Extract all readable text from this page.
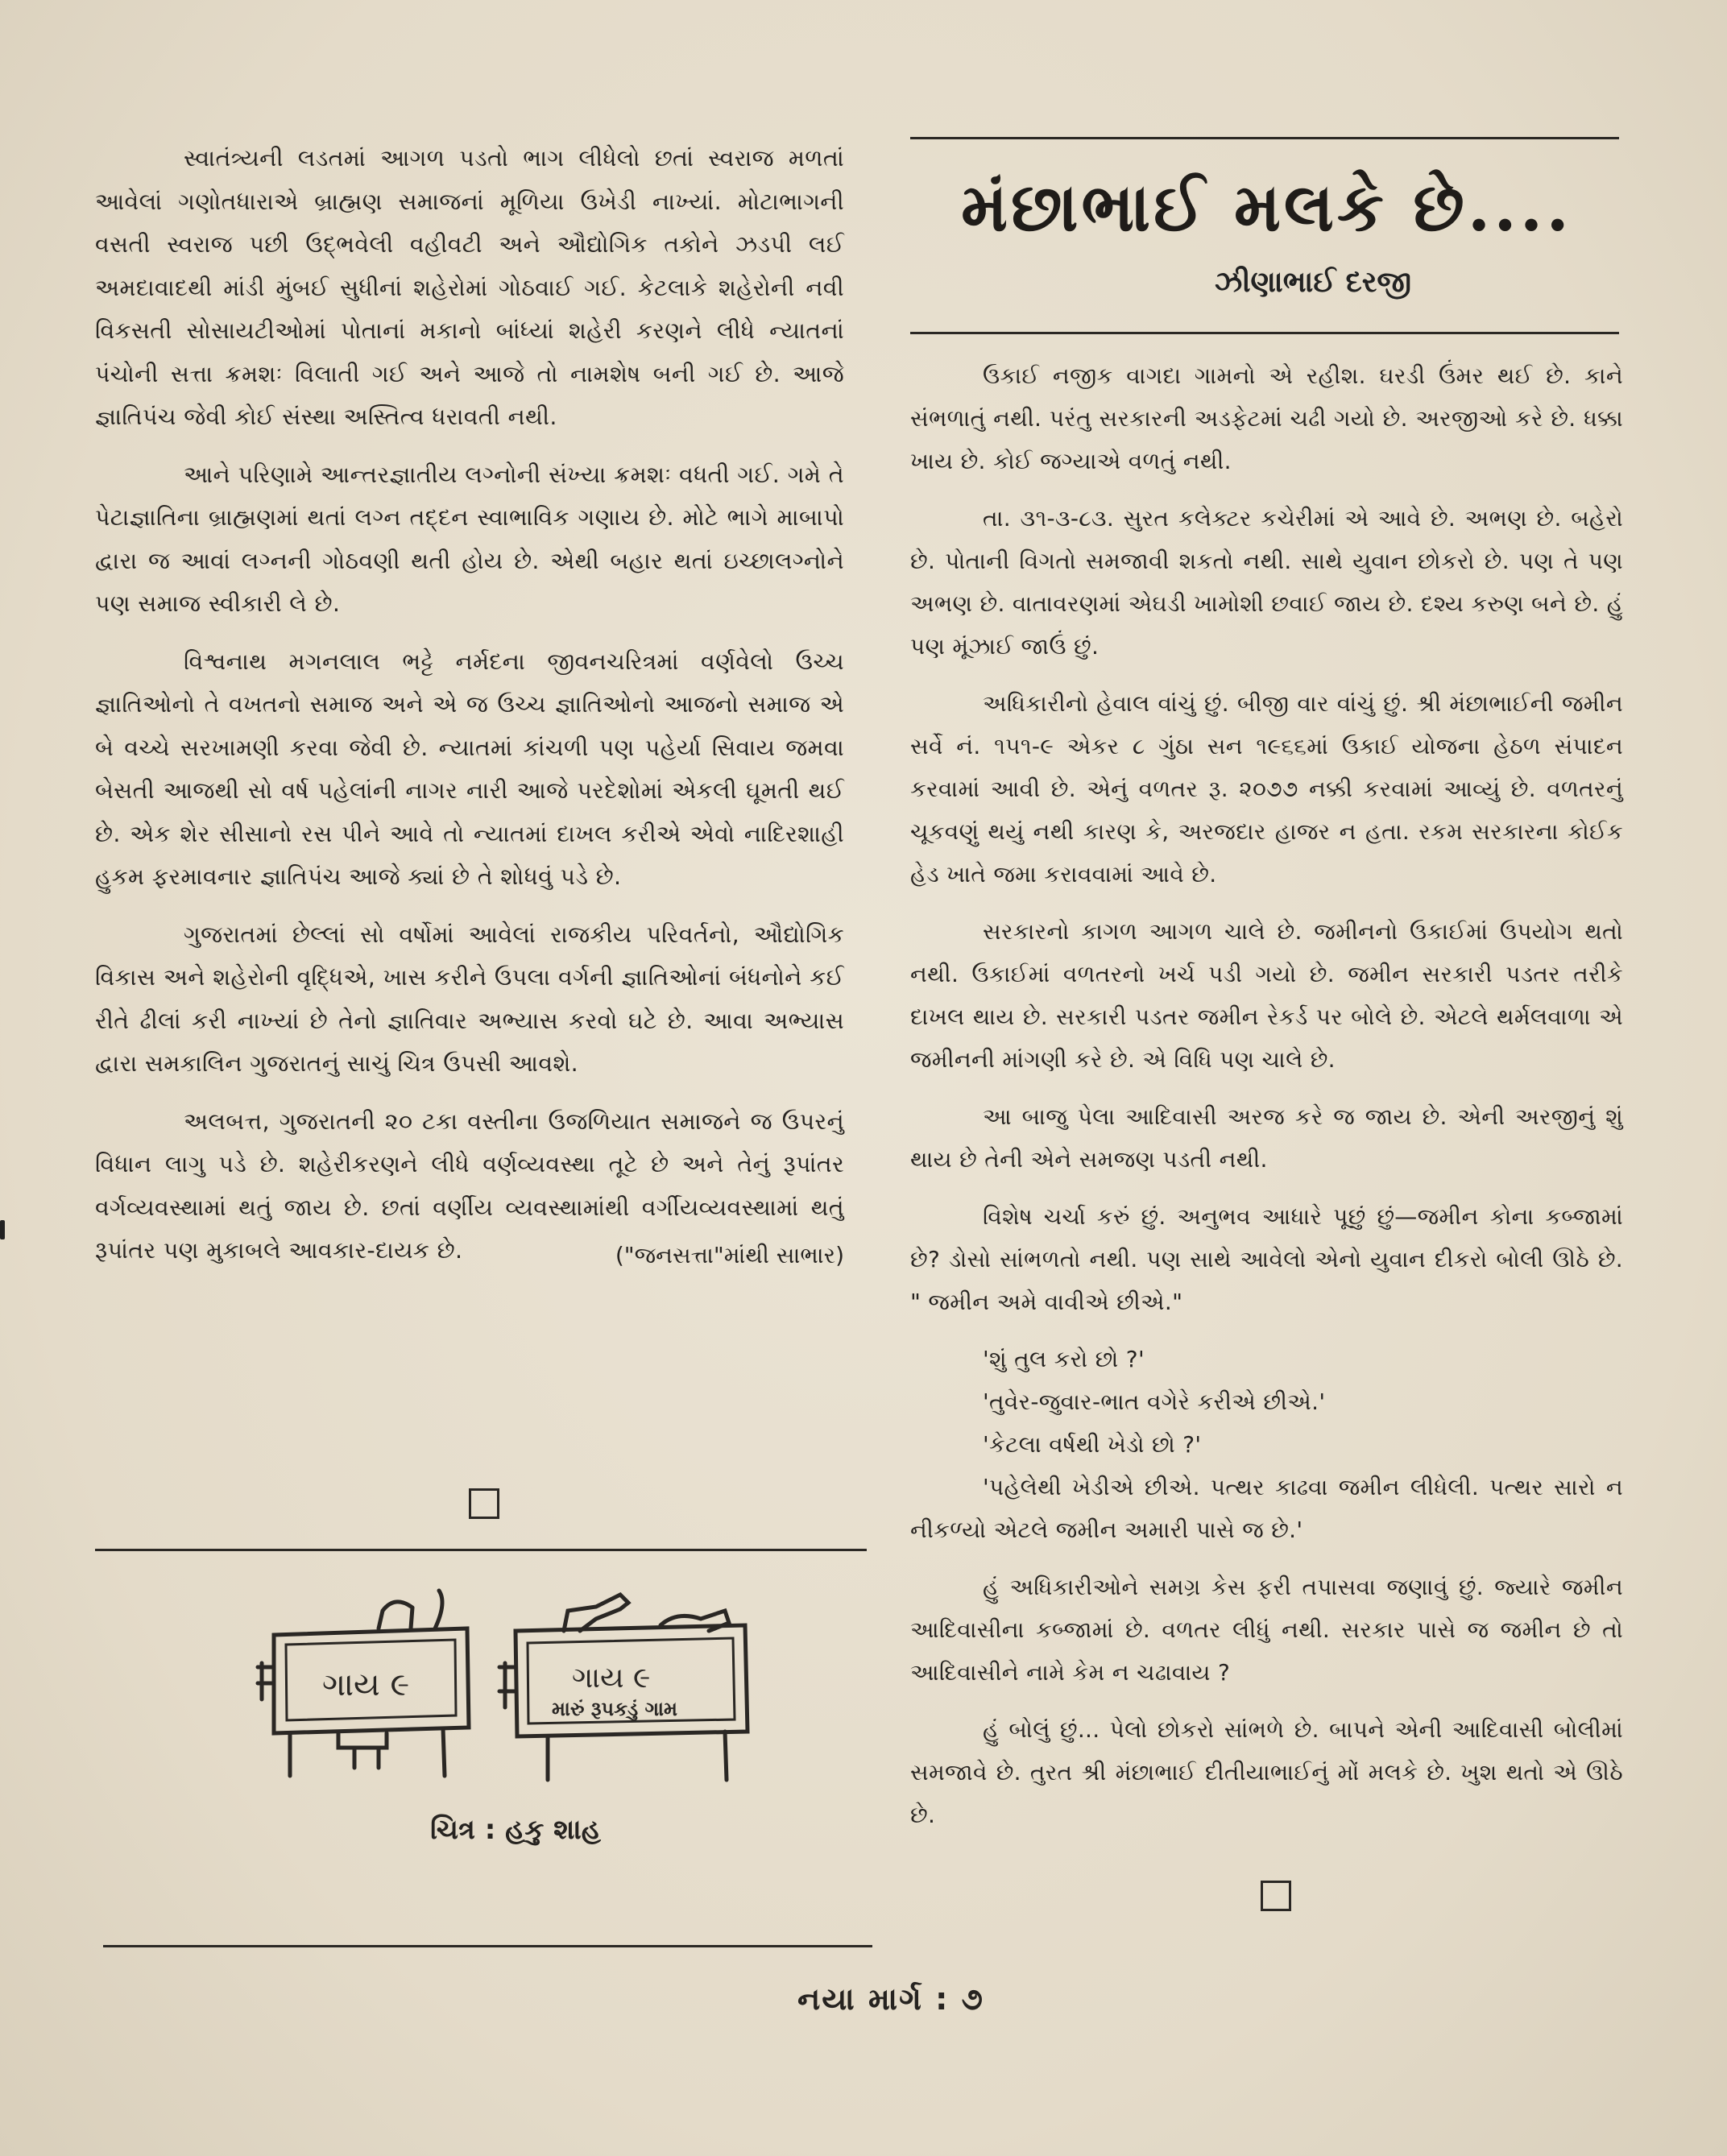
સ્વાતંત્ર્યની લડતમાં આગળ પડતો ભાગ લીધેલો છતાં સ્વરાજ મળતાં આવેલાં ગણોતધારાએ બ્રાહ્મણ સમાજનાં મૂળિયા ઉખેડી નાખ્યાં. મોટાભાગની વસતી સ્વરાજ પછી ઉદ્ભવેલી વહીવટી અને ઔદ્યોગિક તકોને ઝડપી લઈ અમદાવાદથી માંડી મુંબઈ સુધીનાં શહેરોમાં ગોઠવાઈ ગઈ. કેટલાકે શહેરોની નવી વિકસતી સોસાયટીઓમાં પોતાનાં મકાનો બાંધ્યાં શહેરી કરણને લીધે ન્યાતનાં પંચોની સત્તા ક્રમશઃ વિલાતી ગઈ અને આજે તો નામશેષ બની ગઈ છે. આજે જ્ઞાતિપંચ જેવી કોઈ સંસ્થા અસ્તિત્વ ધરાવતી નથી.

આને પરિણામે આન્તરજ્ઞાતીય લગ્નોની સંખ્યા ક્રમશઃ વધતી ગઈ. ગમે તે પેટાજ્ઞાતિના બ્રાહ્મણમાં થતાં લગ્ન તદ્દન સ્વાભાવિક ગણાય છે. મોટે ભાગે માબાપો દ્વારા જ આવાં લગ્નની ગોઠવણી થતી હોય છે. એથી બહાર થતાં ઇચ્છાલગ્નોને પણ સમાજ સ્વીકારી લે છે.

વિશ્વનાથ મગનલાલ ભટ્ટે નર્મદના જીવનચરિત્રમાં વર્ણવેલો ઉચ્ચ જ્ઞાતિઓનો તે વખતનો સમાજ અને એ જ ઉચ્ચ જ્ઞાતિઓનો આજનો સમાજ એ બે વચ્ચે સરખામણી કરવા જેવી છે. ન્યાતમાં કાંચળી પણ પહેર્યા સિવાય જમવા બેસતી આજથી સો વર્ષ પહેલાંની નાગર નારી આજે પરદેશોમાં એકલી ઘૂમતી થઈ છે. એક શેર સીસાનો રસ પીને આવે તો ન્યાતમાં દાખલ કરીએ એવો નાદિરશાહી હુકમ ફરમાવનાર જ્ઞાતિપંચ આજે ક્યાં છે તે શોધવું પડે છે.

ગુજરાતમાં છેલ્લાં સો વર્ષોમાં આવેલાં રાજકીય પરિવર્તનો, ઔદ્યોગિક વિકાસ અને શહેરોની વૃદ્ધિએ, ખાસ કરીને ઉપલા વર્ગની જ્ઞાતિઓનાં બંધનોને કઈ રીતે ઢીલાં કરી નાખ્યાં છે તેનો જ્ઞાતિવાર અભ્યાસ કરવો ઘટે છે. આવા અભ્યાસ દ્વારા સમકાલિન ગુજરાતનું સાચું ચિત્ર ઉપસી આવશે.

અલબત્ત, ગુજરાતની ૨૦ ટકા વસ્તીના ઉજળિયાત સમાજને જ ઉપરનું વિધાન લાગુ પડે છે. શહેરીકરણને લીધે વર્ણવ્યવસ્થા તૂટે છે અને તેનું રૂપાંતર વર્ગવ્યવસ્થામાં થતું જાય છે. છતાં વર્ણીય વ્યવસ્થામાંથી વર્ગીયવ્યવસ્થામાં થતું રૂપાંતર પણ મુકાબલે આવકાર-દાયક છે.	("જનસત્તા"માંથી સાભાર)
ગાય ૯	ગાય ૯
મારું રૂપકડું ગામ
ચિત્ર : હકુ શાહ
મંછાભાઈ મલકે છે....
ઝીણાભાઈ દરજી

ઉકાઈ નજીક વાગદા ગામનો એ રહીશ. ઘરડી ઉંમર થઈ છે. કાને સંભળાતું નથી. પરંતુ સરકારની અડફેટમાં ચઢી ગયો છે. અરજીઓ કરે છે. ધક્કા ખાય છે. કોઈ જગ્યાએ વળતું નથી.

તા. ૩૧-૩-૮૩. સુરત કલેક્ટર કચેરીમાં એ આવે છે. અભણ છે. બહેરો છે. પોતાની વિગતો સમજાવી શકતો નથી. સાથે યુવાન છોકરો છે. પણ તે પણ અભણ છે. વાતાવરણમાં એઘડી ખામોશી છવાઈ જાય છે. દશ્ય કરુણ બને છે. હું પણ મૂંઝાઈ જાઉં છું.

અધિકારીનો હેવાલ વાંચું છું. બીજી વાર વાંચું છું. શ્રી મંછાભાઈની જમીન સર્વે નં. ૧૫૧-૯ એકર ૮ ગુંઠા સન ૧૯૬૬માં ઉકાઈ યોજના હેઠળ સંપાદન કરવામાં આવી છે. એનું વળતર રૂ. ૨૦૭૭ નક્કી કરવામાં આવ્યું છે. વળતરનું ચૂકવણું થયું નથી કારણ કે, અરજદાર હાજર ન હતા. રકમ સરકારના કોઈક હેડ ખાતે જમા કરાવવામાં આવે છે.

સરકારનો કાગળ આગળ ચાલે છે. જમીનનો ઉકાઈમાં ઉપયોગ થતો નથી. ઉકાઈમાં વળતરનો ખર્ચ પડી ગયો છે. જમીન સરકારી પડતર તરીકે દાખલ થાય છે. સરકારી પડતર જમીન રેકર્ડ પર બોલે છે. એટલે થર્મલવાળા એ જમીનની માંગણી કરે છે. એ વિધિ પણ ચાલે છે.

આ બાજુ પેલા આદિવાસી અરજ કરે જ જાય છે. એની અરજીનું શું થાય છે તેની એને સમજણ પડતી નથી.

વિશેષ ચર્ચા કરું છું. અનુભવ આધારે પૂછું છું—જમીન કોના કબ્જામાં છે? ડોસો સાંભળતો નથી. પણ સાથે આવેલો એનો યુવાન દીકરો બોલી ઊઠે છે. " જમીન અમે વાવીએ છીએ."

'શું તુલ કરો છો ?'

'તુવેર-જુવાર-ભાત વગેરે કરીએ છીએ.'

'કેટલા વર્ષથી ખેડો છો ?'

'પહેલેથી ખેડીએ છીએ. પત્થર કાઢવા જમીન લીધેલી. પત્થર સારો ન નીકળ્યો એટલે જમીન અમારી પાસે જ છે.'

હું અધિકારીઓને સમગ્ર કેસ ફરી તપાસવા જણાવું છું. જ્યારે જમીન આદિવાસીના કબ્જામાં છે. વળતર લીધું નથી. સરકાર પાસે જ જમીન છે તો આદિવાસીને નામે કેમ ન ચઢાવાય ?

હું બોલું છું... પેલો છોકરો સાંભળે છે. બાપને એની આદિવાસી બોલીમાં સમજાવે છે. તુરત શ્રી મંછાભાઈ દીતીયાભાઈનું મોં મલકે છે. ખુશ થતો એ ઊઠે છે.

નયા માર્ગ : ૭
